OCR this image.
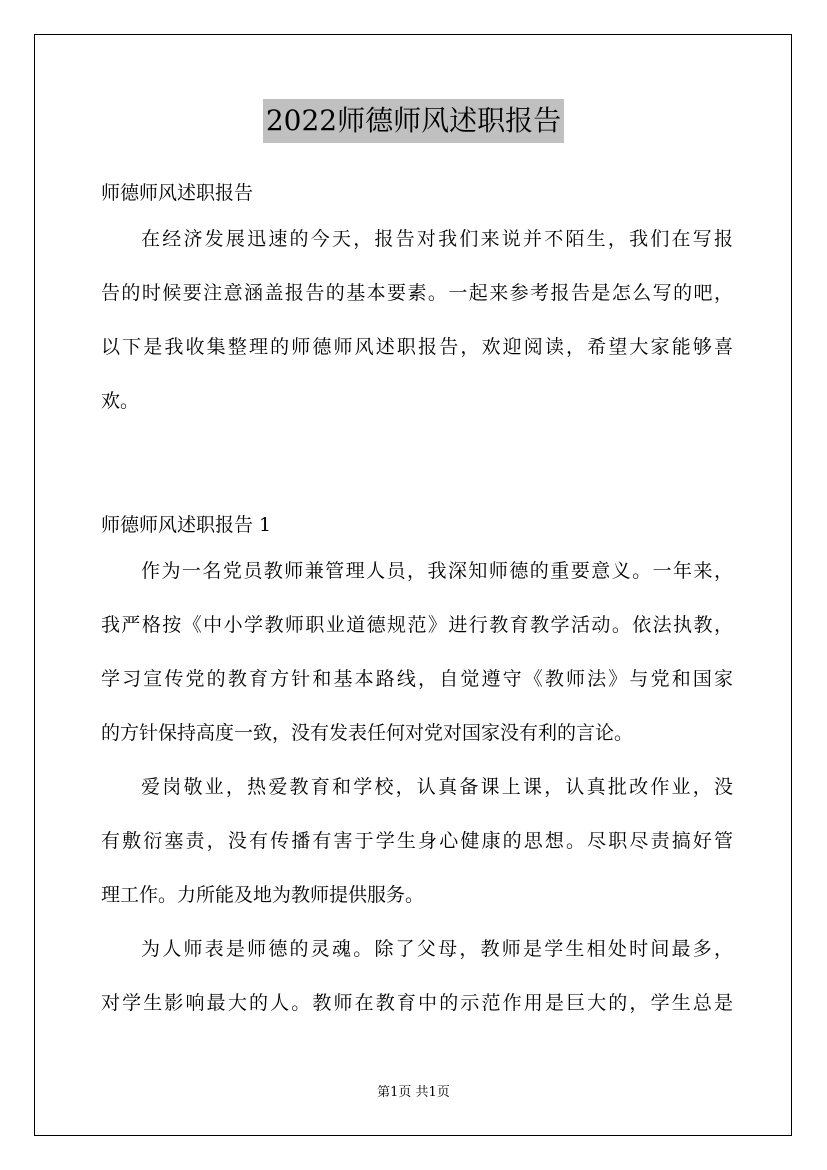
2022师德师风述职报告
师德师风述职报告
在经济发展迅速的今天，报告对我们来说并不陌生，我们在写报
告的时候要注意涵盖报告的基本要素。一起来参考报告是怎么写的吧，
以下是我收集整理的师德师风述职报告，欢迎阅读，希望大家能够喜
欢。
师德师风述职报告 1
作为一名党员教师兼管理人员，我深知师德的重要意义。一年来，
我严格按《中小学教师职业道德规范》进行教育教学活动。依法执教，
学习宣传党的教育方针和基本路线，自觉遵守《教师法》与党和国家
的方针保持高度一致，没有发表任何对党对国家没有利的言论。
爱岗敬业，热爱教育和学校，认真备课上课，认真批改作业，没
有敷衍塞责，没有传播有害于学生身心健康的思想。尽职尽责搞好管
理工作。力所能及地为教师提供服务。
为人师表是师德的灵魂。除了父母，教师是学生相处时间最多，
对学生影响最大的人。教师在教育中的示范作用是巨大的，学生总是
第1页 共1页
